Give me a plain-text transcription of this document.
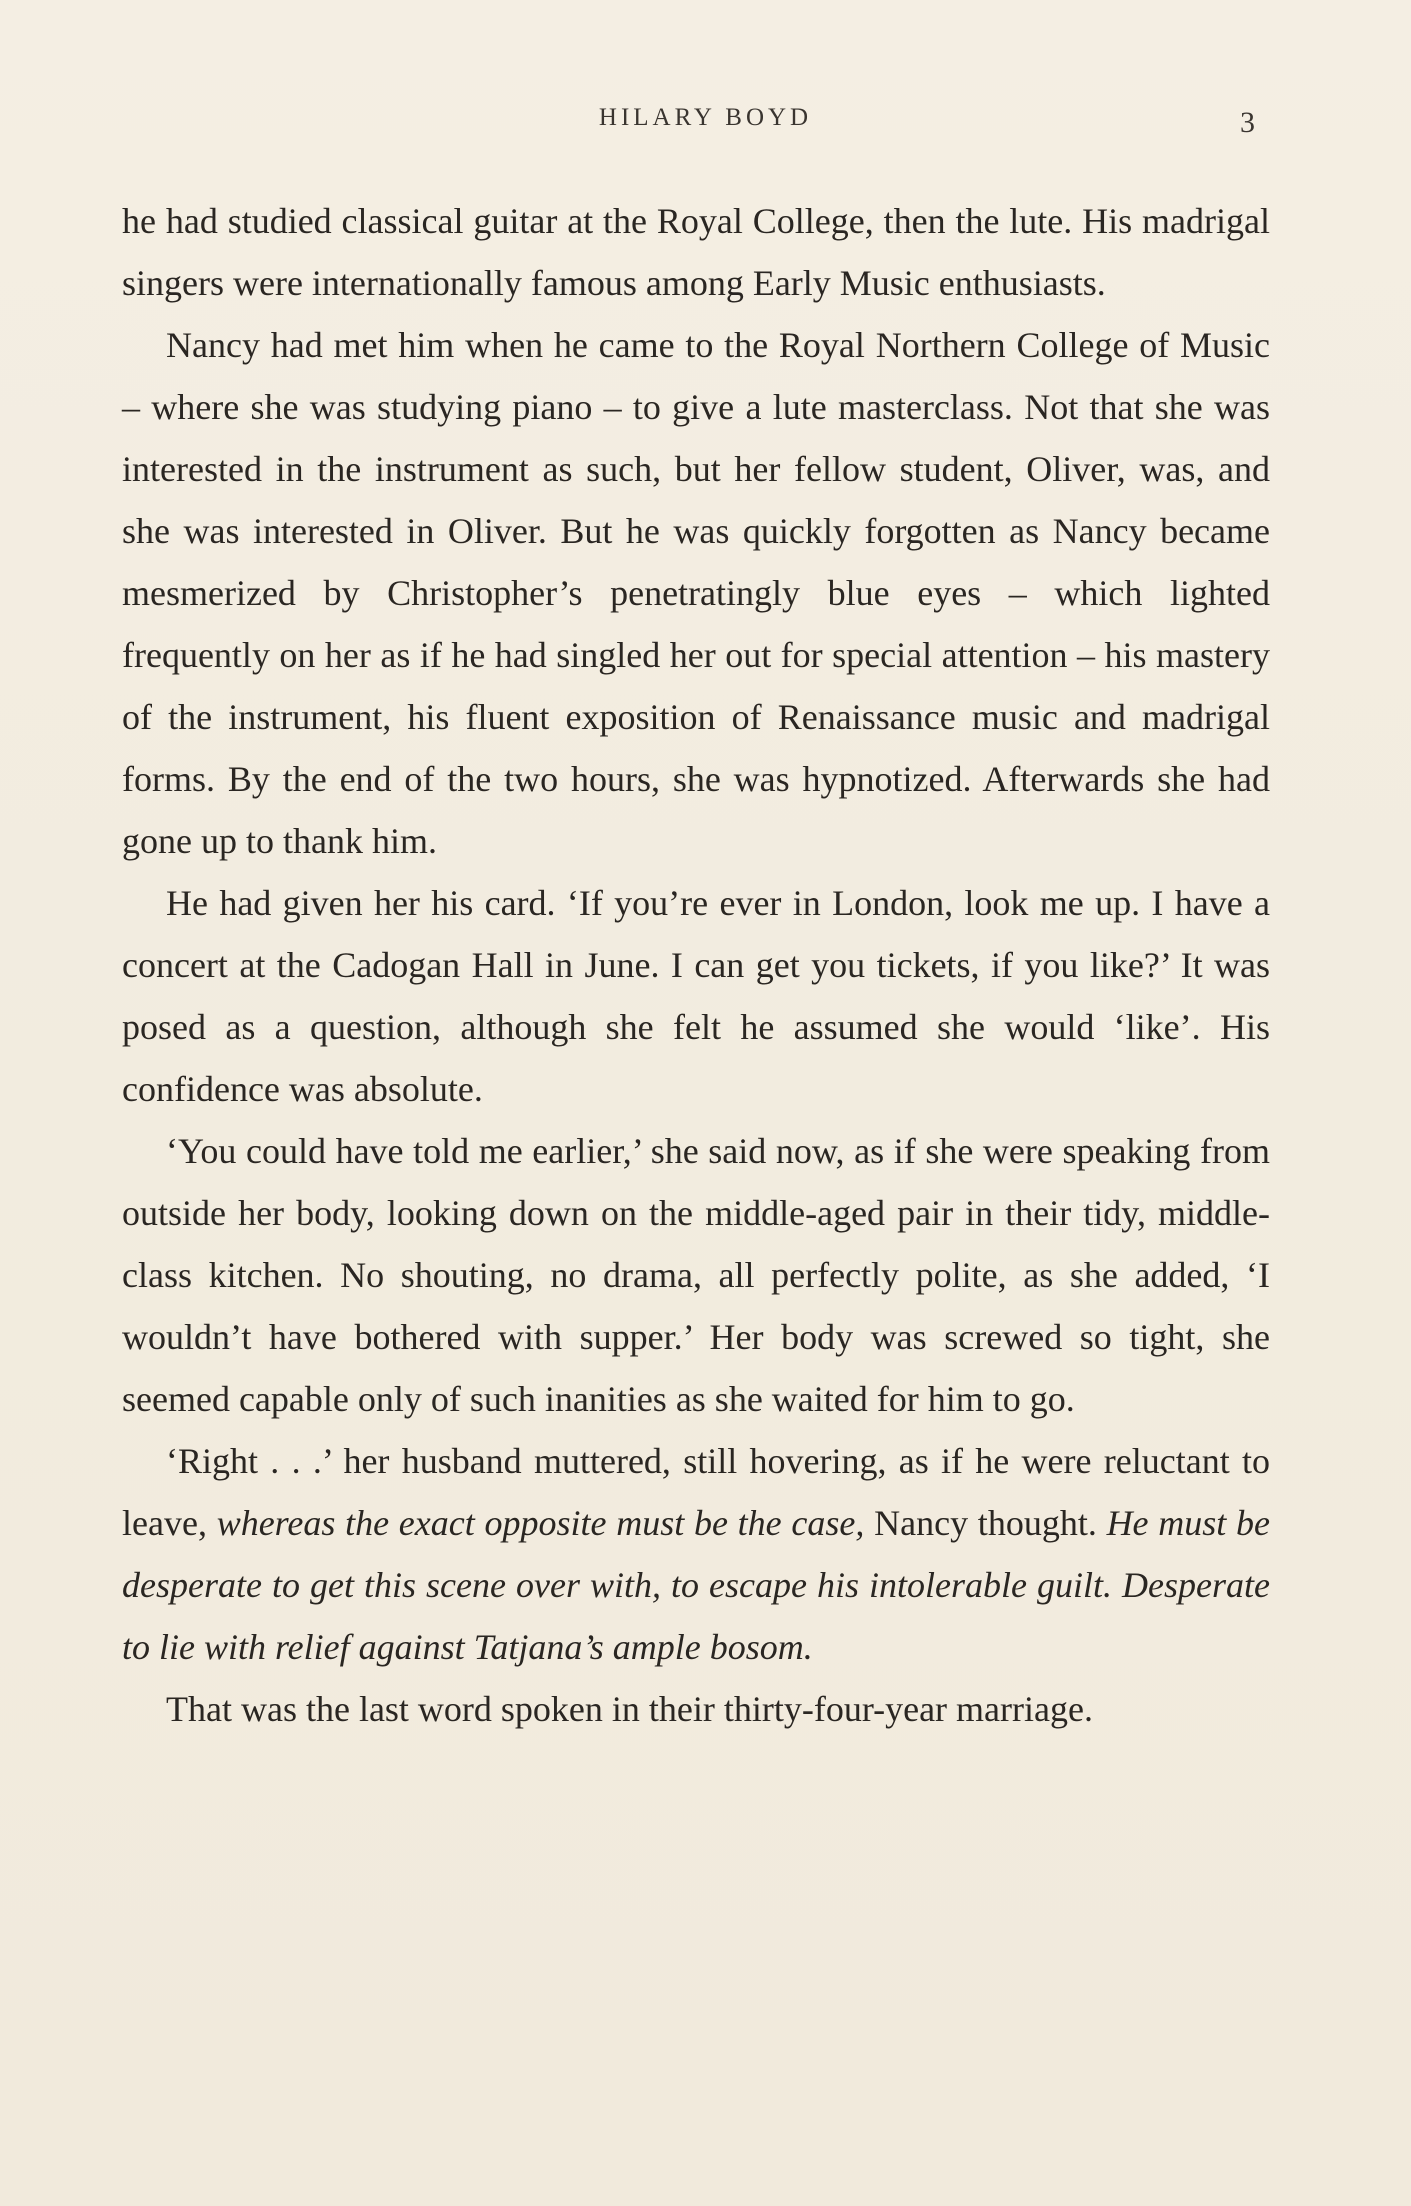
HILARY BOYD	3

he had studied classical guitar at the Royal College, then the lute. His madrigal singers were internationally famous among Early Music enthusiasts.

Nancy had met him when he came to the Royal Northern College of Music – where she was studying piano – to give a lute masterclass. Not that she was interested in the instrument as such, but her fellow student, Oliver, was, and she was interested in Oliver. But he was quickly forgotten as Nancy became mesmerized by Christopher’s penetratingly blue eyes – which lighted frequently on her as if he had singled her out for special attention – his mastery of the instrument, his fluent exposition of Renaissance music and madrigal forms. By the end of the two hours, she was hypnotized. Afterwards she had gone up to thank him.

He had given her his card. ‘If you’re ever in London, look me up. I have a concert at the Cadogan Hall in June. I can get you tickets, if you like?’ It was posed as a question, although she felt he assumed she would ‘like’. His confidence was absolute.

‘You could have told me earlier,’ she said now, as if she were speaking from outside her body, looking down on the middle-aged pair in their tidy, middle-class kitchen. No shouting, no drama, all perfectly polite, as she added, ‘I wouldn’t have bothered with supper.’ Her body was screwed so tight, she seemed capable only of such inanities as she waited for him to go.

‘Right . . .’ her husband muttered, still hovering, as if he were reluctant to leave, whereas the exact opposite must be the case, Nancy thought. He must be desperate to get this scene over with, to escape his intolerable guilt. Desperate to lie with relief against Tatjana’s ample bosom.

That was the last word spoken in their thirty-four-year marriage.
